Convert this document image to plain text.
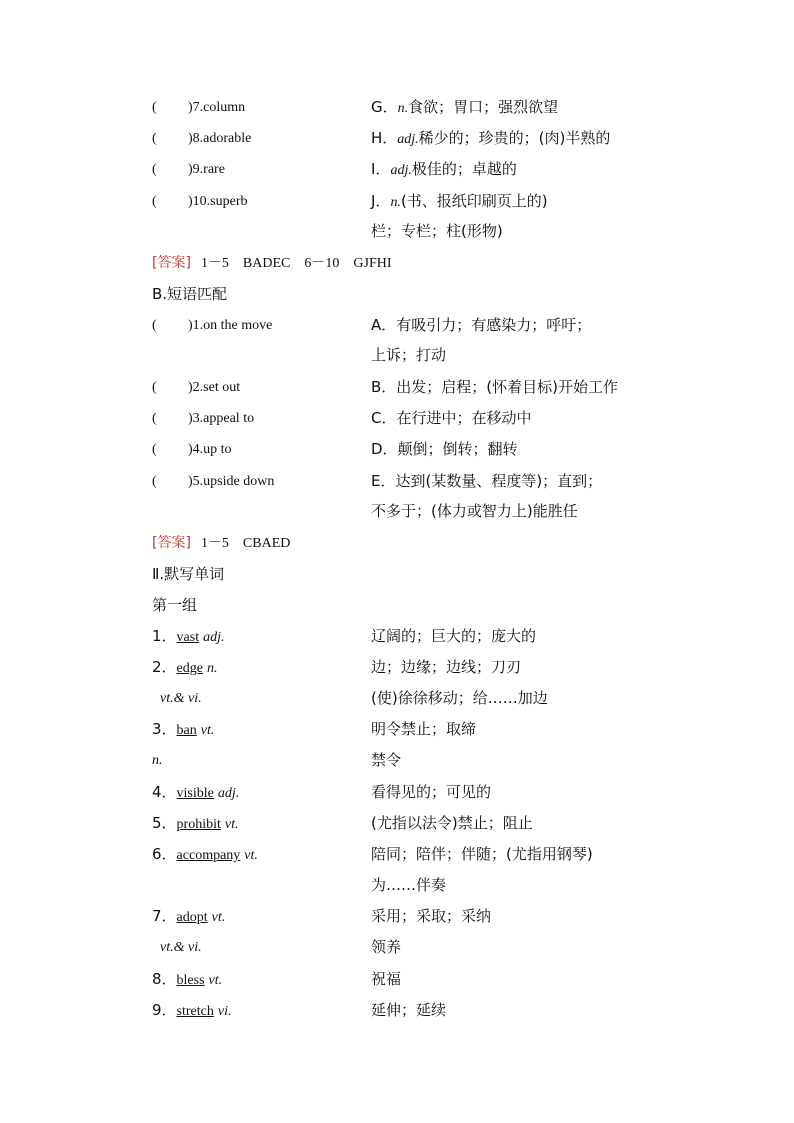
( )7.column	G．n.食欲；胃口；强烈欲望
( )8.adorable	H．adj.稀少的；珍贵的；(肉)半熟的
( )9.rare	I．adj.极佳的；卓越的
( )10.superb	J．n.(书、报纸印刷页上的)
栏；专栏；柱(形物)
[答案] 1－5　BADEC　6－10　GJFHI
B.短语匹配
( )1.on the move	A．有吸引力；有感染力；呼吁；
上诉；打动
( )2.set out	B．出发；启程；(怀着目标)开始工作
( )3.appeal to	C．在行进中；在移动中
( )4.up to	D．颠倒；倒转；翻转
( )5.upside down	E．达到(某数量、程度等)；直到；
不多于；(体力或智力上)能胜任
[答案] 1－5　CBAED
Ⅱ.默写单词
第一组
1．vast adj.	辽阔的；巨大的；庞大的
2．edge n.	边；边缘；边线；刀刃
vt.& vi.	(使)徐徐移动；给……加边
3．ban vt.	明令禁止；取缔
n.	禁令
4．visible adj.	看得见的；可见的
5．prohibit vt.	(尤指以法令)禁止；阻止
6．accompany vt.	陪同；陪伴；伴随；(尤指用钢琴)
为……伴奏
7．adopt vt.	采用；采取；采纳
vt.& vi.	领养
8．bless vt.	祝福
9．stretch vi.	延伸；延续
